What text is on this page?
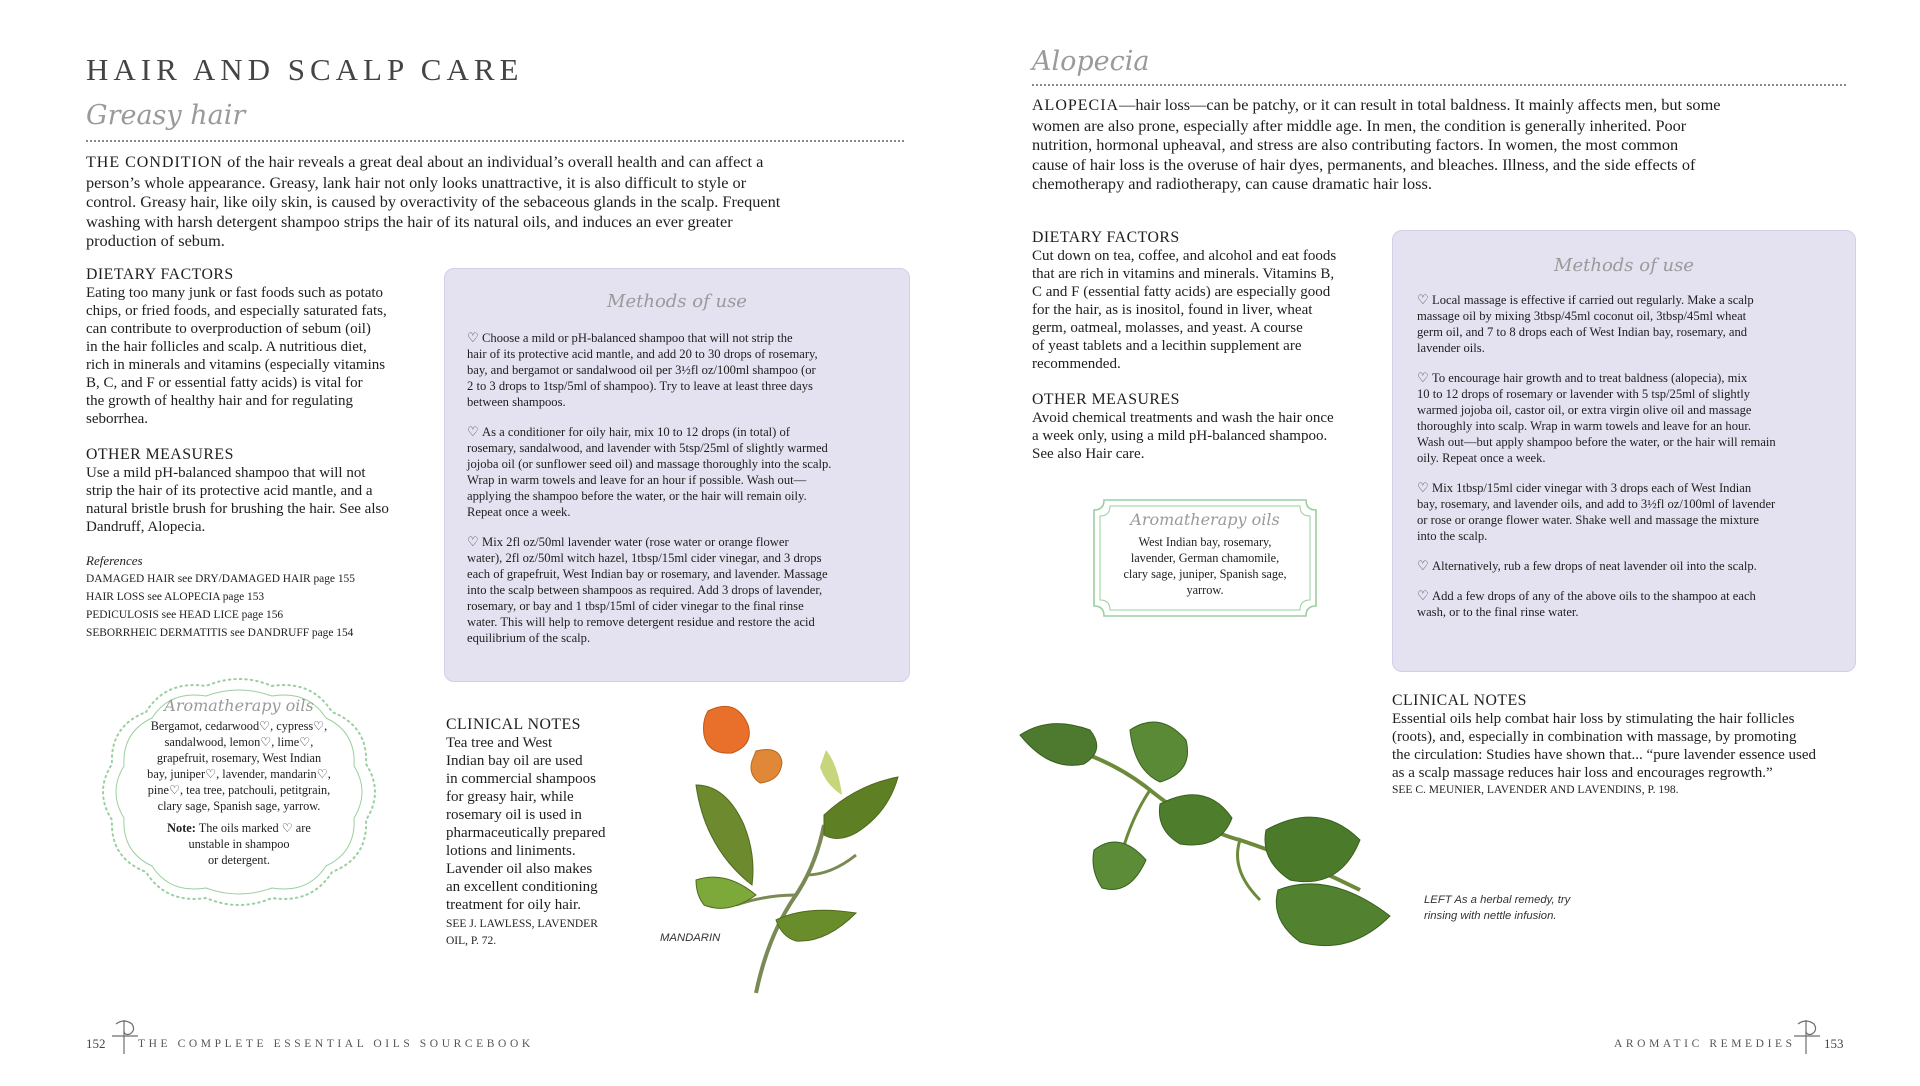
HAIR AND SCALP CARE
Greasy hair
THE CONDITION of the hair reveals a great deal about an individual’s overall health and can affect a
person’s whole appearance. Greasy, lank hair not only looks unattractive, it is also difficult to style or
control. Greasy hair, like oily skin, is caused by overactivity of the sebaceous glands in the scalp. Frequent
washing with harsh detergent shampoo strips the hair of its natural oils, and induces an ever greater
production of sebum.
DIETARY FACTORS
Eating too many junk or fast foods such as potato
chips, or fried foods, and especially saturated fats,
can contribute to overproduction of sebum (oil)
in the hair follicles and scalp. A nutritious diet,
rich in minerals and vitamins (especially vitamins
B, C, and F or essential fatty acids) is vital for
the growth of healthy hair and for regulating
seborrhea.
OTHER MEASURES
Use a mild pH-balanced shampoo that will not
strip the hair of its protective acid mantle, and a
natural bristle brush for brushing the hair. See also
Dandruff, Alopecia.
References
DAMAGED HAIR see DRY/DAMAGED HAIR page 155
HAIR LOSS see ALOPECIA page 153
PEDICULOSIS see HEAD LICE page 156
SEBORRHEIC DERMATITIS see DANDRUFF page 154
Methods of use
♡ Choose a mild or pH-balanced shampoo that will not strip the
hair of its protective acid mantle, and add 20 to 30 drops of rosemary,
bay, and bergamot or sandalwood oil per 3½fl oz/100ml shampoo (or
2 to 3 drops to 1tsp/5ml of shampoo). Try to leave at least three days
between shampoos.
♡ As a conditioner for oily hair, mix 10 to 12 drops (in total) of
rosemary, sandalwood, and lavender with 5tsp/25ml of slightly warmed
jojoba oil (or sunflower seed oil) and massage thoroughly into the scalp.
Wrap in warm towels and leave for an hour if possible. Wash out—
applying the shampoo before the water, or the hair will remain oily.
Repeat once a week.
♡ Mix 2fl oz/50ml lavender water (rose water or orange flower
water), 2fl oz/50ml witch hazel, 1tbsp/15ml cider vinegar, and 3 drops
each of grapefruit, West Indian bay or rosemary, and lavender. Massage
into the scalp between shampoos as required. Add 3 drops of lavender,
rosemary, or bay and 1 tbsp/15ml of cider vinegar to the final rinse
water. This will help to remove detergent residue and restore the acid
equilibrium of the scalp.
Aromatherapy oils
Bergamot, cedarwood♡, cypress♡,
sandalwood, lemon♡, lime♡,
grapefruit, rosemary, West Indian
bay, juniper♡, lavender, mandarin♡,
pine♡, tea tree, patchouli, petitgrain,
clary sage, Spanish sage, yarrow.
Note: The oils marked ♡ are
unstable in shampoo
or detergent.
CLINICAL NOTES
Tea tree and West
Indian bay oil are used
in commercial shampoos
for greasy hair, while
rosemary oil is used in
pharmaceutically prepared
lotions and liniments.
Lavender oil also makes
an excellent conditioning
treatment for oily hair.
SEE J. LAWLESS, LAVENDER
OIL, P. 72.	MANDARIN
152	THE COMPLETE ESSENTIAL OILS SOURCEBOOK
Alopecia
ALOPECIA—hair loss—can be patchy, or it can result in total baldness. It mainly affects men, but some
women are also prone, especially after middle age. In men, the condition is generally inherited. Poor
nutrition, hormonal upheaval, and stress are also contributing factors. In women, the most common
cause of hair loss is the overuse of hair dyes, permanents, and bleaches. Illness, and the side effects of
chemotherapy and radiotherapy, can cause dramatic hair loss.
DIETARY FACTORS
Cut down on tea, coffee, and alcohol and eat foods
that are rich in vitamins and minerals. Vitamins B,
C and F (essential fatty acids) are especially good
for the hair, as is inositol, found in liver, wheat
germ, oatmeal, molasses, and yeast. A course
of yeast tablets and a lecithin supplement are
recommended.
OTHER MEASURES
Avoid chemical treatments and wash the hair once
a week only, using a mild pH-balanced shampoo.
See also Hair care.
Aromatherapy oils
West Indian bay, rosemary,
lavender, German chamomile,
clary sage, juniper, Spanish sage,
yarrow.
Methods of use
♡ Local massage is effective if carried out regularly. Make a scalp
massage oil by mixing 3tbsp/45ml coconut oil, 3tbsp/45ml wheat
germ oil, and 7 to 8 drops each of West Indian bay, rosemary, and
lavender oils.
♡ To encourage hair growth and to treat baldness (alopecia), mix
10 to 12 drops of rosemary or lavender with 5 tsp/25ml of slightly
warmed jojoba oil, castor oil, or extra virgin olive oil and massage
thoroughly into scalp. Wrap in warm towels and leave for an hour.
Wash out—but apply shampoo before the water, or the hair will remain
oily. Repeat once a week.
♡ Mix 1tbsp/15ml cider vinegar with 3 drops each of West Indian
bay, rosemary, and lavender oils, and add to 3½fl oz/100ml of lavender
or rose or orange flower water. Shake well and massage the mixture
into the scalp.
♡ Alternatively, rub a few drops of neat lavender oil into the scalp.
♡ Add a few drops of any of the above oils to the shampoo at each
wash, or to the final rinse water.
CLINICAL NOTES
Essential oils help combat hair loss by stimulating the hair follicles
(roots), and, especially in combination with massage, by promoting
the circulation: Studies have shown that... “pure lavender essence used
as a scalp massage reduces hair loss and encourages regrowth.”
SEE C. MEUNIER, LAVENDER AND LAVENDINS, P. 198.
LEFT As a herbal remedy, try
rinsing with nettle infusion.
AROMATIC REMEDIES 153
